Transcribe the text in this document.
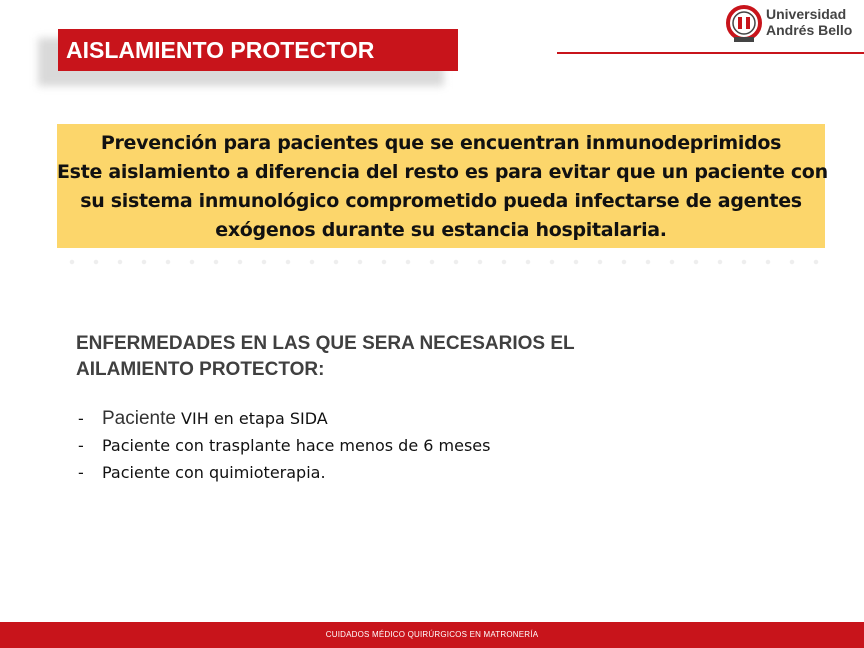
AISLAMIENTO PROTECTOR
Universidad
Andrés Bello
Prevención para pacientes que se encuentran inmunodeprimidos
Este aislamiento a diferencia del resto es para evitar que un paciente con
su sistema inmunológico comprometido pueda infectarse de agentes
exógenos durante su estancia hospitalaria.
ENFERMEDADES EN LAS QUE SERA NECESARIOS EL
AILAMIENTO PROTECTOR:
- Paciente VIH en etapa SIDA
- Paciente con trasplante hace menos de 6 meses
- Paciente con quimioterapia.
CUIDADOS MÉDICO QUIRÚRGICOS EN MATRONERÍA
